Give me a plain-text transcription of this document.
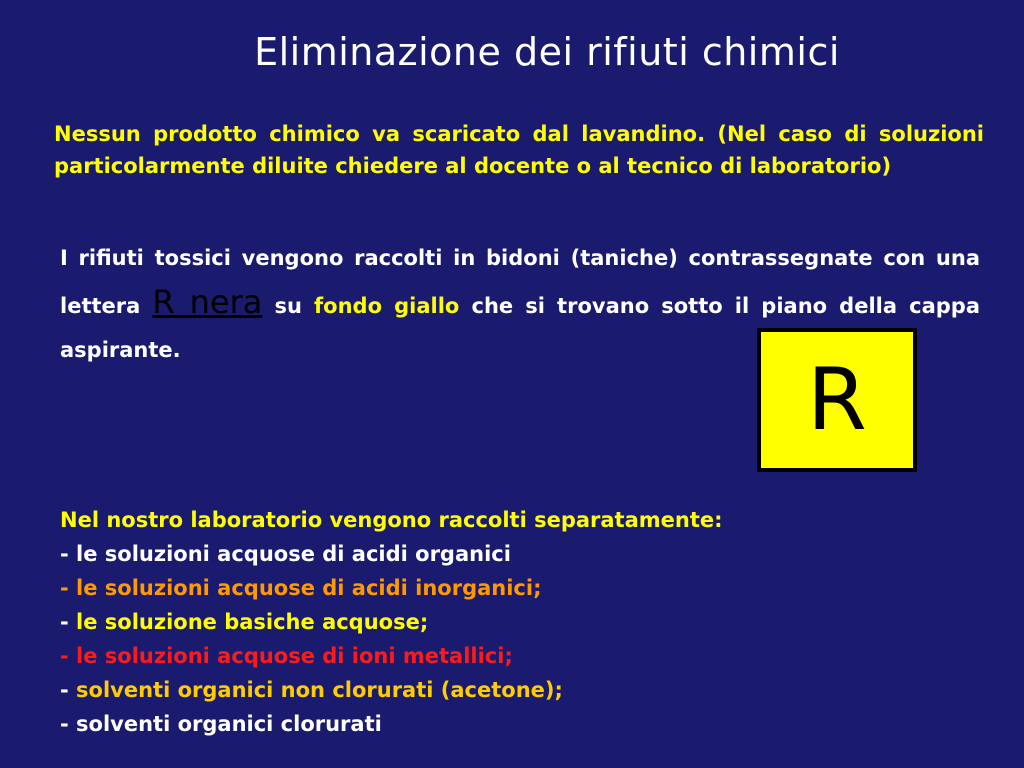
Eliminazione dei rifiuti chimici
Nessun prodotto chimico va scaricato dal lavandino. (Nel caso di soluzioni particolarmente diluite chiedere al docente o al tecnico di laboratorio)
I rifiuti tossici vengono raccolti in bidoni (taniche) contrassegnate con una lettera R nera su fondo giallo che si trovano sotto il piano della cappa aspirante.	R
Nel nostro laboratorio vengono raccolti separatamente:
- le soluzioni acquose di acidi organici
- le soluzioni acquose di acidi inorganici;
- le soluzione basiche acquose;
- le soluzioni acquose di ioni metallici;
- solventi organici non clorurati (acetone);
- solventi organici clorurati
